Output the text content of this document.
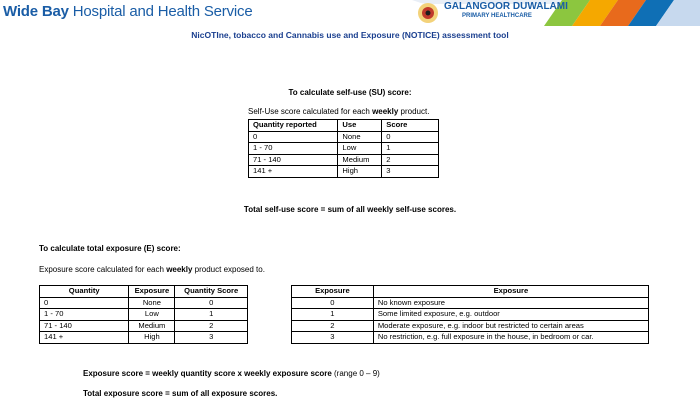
Wide Bay Hospital and Health Service	GALANGOOR DUWALAMI
PRIMARY HEALTHCARE
NicOTIne, tobacco and Cannabis use and Exposure (NOTICE) assessment tool
To calculate self-use (SU) score:
Self-Use score calculated for each weekly product.
Quantity reported	Use	Score
0	None	0
1 - 70	Low	1
71 - 140	Medium	2
141 +	High	3
Total self-use score = sum of all weekly self-use scores.
To calculate total exposure (E) score:
Exposure score calculated for each weekly product exposed to.
Quantity	Exposure	Quantity Score
0	None	0
1 - 70	Low	1
71 - 140	Medium	2
141 +	High	3
Exposure	Exposure
0	No known exposure
1	Some limited exposure, e.g. outdoor
2	Moderate exposure, e.g. indoor but restricted to certain areas
3	No restriction, e.g. full exposure in the house, in bedroom or car.
Exposure score = weekly quantity score x weekly exposure score (range 0 – 9)
Total exposure score = sum of all exposure scores.
